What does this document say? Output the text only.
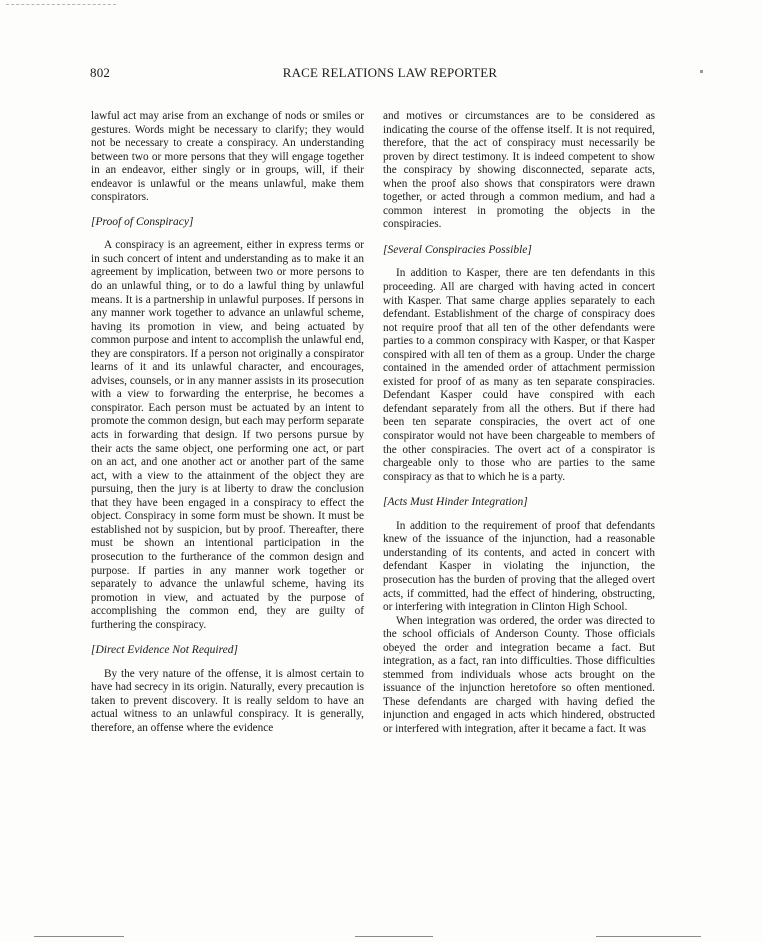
802	RACE RELATIONS LAW REPORTER

lawful act may arise from an exchange of nods or smiles or gestures. Words might be necessary to clarify; they would not be necessary to create a conspiracy. An understanding between two or more persons that they will engage together in an endeavor, either singly or in groups, will, if their endeavor is unlawful or the means unlawful, make them conspirators.

[Proof of Conspiracy]

A conspiracy is an agreement, either in express terms or in such concert of intent and understanding as to make it an agreement by implication, between two or more persons to do an unlawful thing, or to do a lawful thing by unlawful means. It is a partnership in unlawful purposes. If persons in any manner work together to advance an unlawful scheme, having its promotion in view, and being actuated by common purpose and intent to accomplish the unlawful end, they are conspirators. If a person not originally a conspirator learns of it and its unlawful character, and encourages, advises, counsels, or in any manner assists in its prosecution with a view to forwarding the enterprise, he becomes a conspirator. Each person must be actuated by an intent to promote the common design, but each may perform separate acts in forwarding that design. If two persons pursue by their acts the same object, one performing one act, or part on an act, and one another act or another part of the same act, with a view to the attainment of the object they are pursuing, then the jury is at liberty to draw the conclusion that they have been engaged in a conspiracy to effect the object. Conspiracy in some form must be shown. It must be established not by suspicion, but by proof. Thereafter, there must be shown an intentional participation in the prosecution to the furtherance of the common design and purpose. If parties in any manner work together or separately to advance the unlawful scheme, having its promotion in view, and actuated by the purpose of accomplishing the common end, they are guilty of furthering the conspiracy.

[Direct Evidence Not Required]

By the very nature of the offense, it is almost certain to have had secrecy in its origin. Naturally, every precaution is taken to prevent discovery. It is really seldom to have an actual witness to an unlawful conspiracy. It is generally, therefore, an offense where the evidence

and motives or circumstances are to be considered as indicating the course of the offense itself. It is not required, therefore, that the act of conspiracy must necessarily be proven by direct testimony. It is indeed competent to show the conspiracy by showing disconnected, separate acts, when the proof also shows that conspirators were drawn together, or acted through a common medium, and had a common interest in promoting the objects in the conspiracies.

[Several Conspiracies Possible]

In addition to Kasper, there are ten defendants in this proceeding. All are charged with having acted in concert with Kasper. That same charge applies separately to each defendant. Establishment of the charge of conspiracy does not require proof that all ten of the other defendants were parties to a common conspiracy with Kasper, or that Kasper conspired with all ten of them as a group. Under the charge contained in the amended order of attachment permission existed for proof of as many as ten separate conspiracies. Defendant Kasper could have conspired with each defendant separately from all the others. But if there had been ten separate conspiracies, the overt act of one conspirator would not have been chargeable to members of the other conspiracies. The overt act of a conspirator is chargeable only to those who are parties to the same conspiracy as that to which he is a party.

[Acts Must Hinder Integration]

In addition to the requirement of proof that defendants knew of the issuance of the injunction, had a reasonable understanding of its contents, and acted in concert with defendant Kasper in violating the injunction, the prosecution has the burden of proving that the alleged overt acts, if committed, had the effect of hindering, obstructing, or interfering with integration in Clinton High School.

When integration was ordered, the order was directed to the school officials of Anderson County. Those officials obeyed the order and integration became a fact. But integration, as a fact, ran into difficulties. Those difficulties stemmed from individuals whose acts brought on the issuance of the injunction heretofore so often mentioned. These defendants are charged with having defied the injunction and engaged in acts which hindered, obstructed or interfered with integration, after it became a fact. It was
